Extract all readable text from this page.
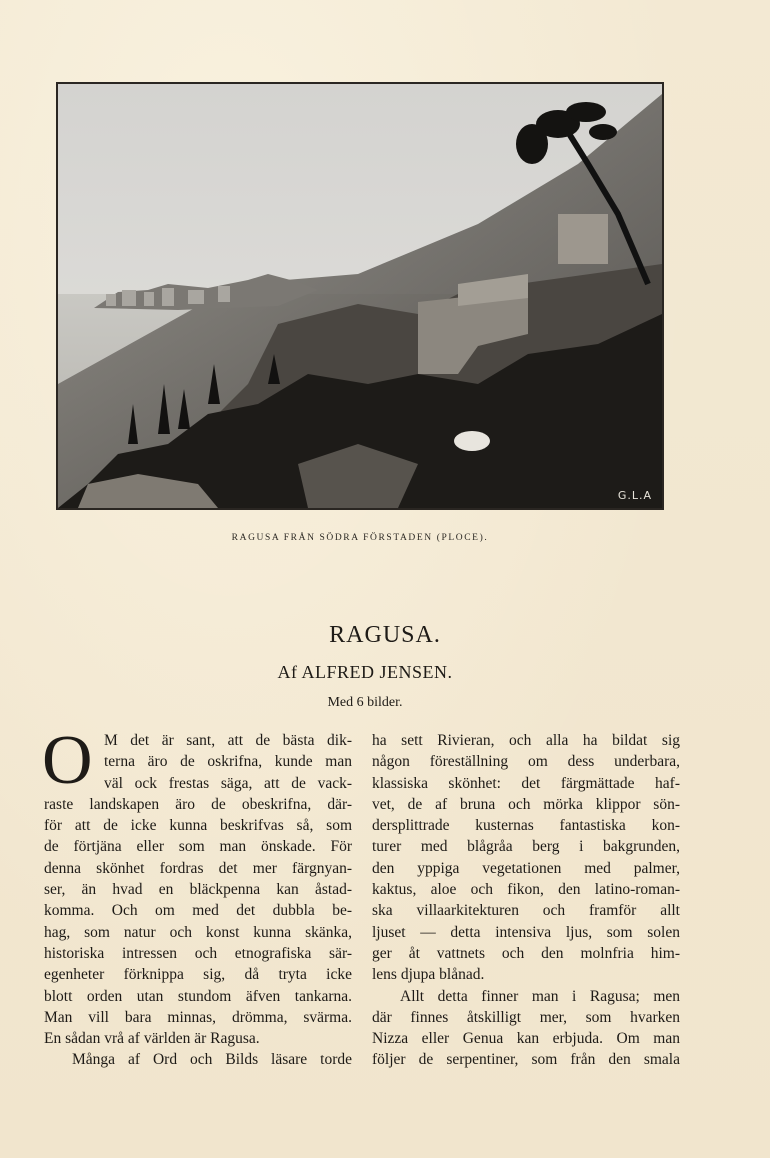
G.L.A
RAGUSA FRÅN SÖDRA FÖRSTADEN (PLOCE).
RAGUSA.
Af ALFRED JENSEN.
Med 6 bilder.
O M det är sant, att de bästa dik-
terna äro de oskrifna, kunde man
väl ock frestas säga, att de vack-
raste landskapen äro de obeskrifna, där-
för att de icke kunna beskrifvas så, som
de förtjäna eller som man önskade. För
denna skönhet fordras det mer färgnyan-
ser, än hvad en bläckpenna kan åstad-
komma. Och om med det dubbla be-
hag, som natur och konst kunna skänka,
historiska intressen och etnografiska sär-
egenheter förknippa sig, då tryta icke
blott orden utan stundom äfven tankarna.
Man vill bara minnas, drömma, svärma.
En sådan vrå af världen är Ragusa.
Många af Ord och Bilds läsare torde
ha sett Rivieran, och alla ha bildat sig
någon föreställning om dess underbara,
klassiska skönhet: det färgmättade haf-
vet, de af bruna och mörka klippor sön-
dersplittrade kusternas fantastiska kon-
turer med blågråa berg i bakgrunden,
den yppiga vegetationen med palmer,
kaktus, aloe och fikon, den latino-roman-
ska villaarkitekturen och framför allt
ljuset — detta intensiva ljus, som solen
ger åt vattnets och den molnfria him-
lens djupa blånad.
Allt detta finner man i Ragusa; men
där finnes åtskilligt mer, som hvarken
Nizza eller Genua kan erbjuda. Om man
följer de serpentiner, som från den smala
